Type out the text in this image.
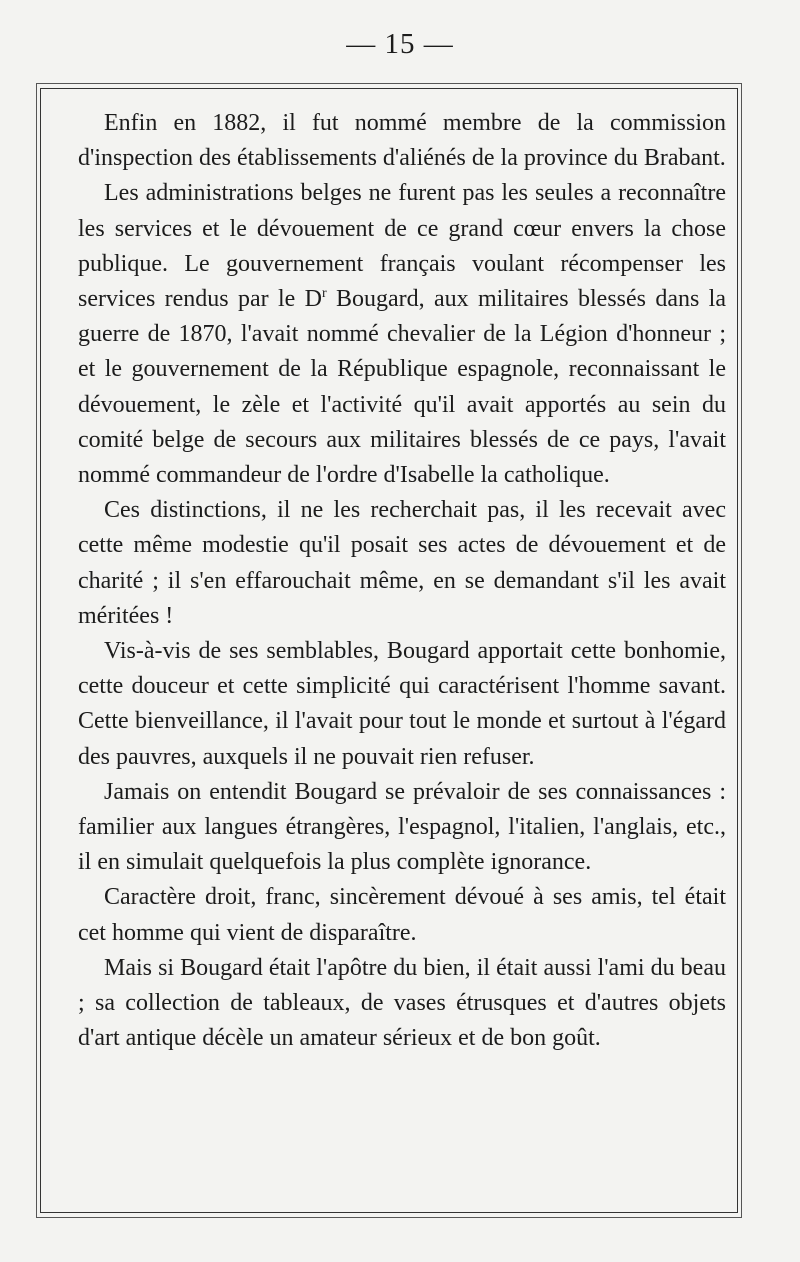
— 15 —

Enfin en 1882, il fut nommé membre de la commission d'inspection des établissements d'aliénés de la province du Brabant.

Les administrations belges ne furent pas les seules a reconnaître les services et le dévouement de ce grand cœur envers la chose publique. Le gouvernement français voulant récompenser les services rendus par le $D^r$ Bougard, aux militaires blessés dans la guerre de 1870, l'avait nommé chevalier de la Légion d'honneur ; et le gouvernement de la République espagnole, reconnaissant le dévouement, le zèle et l'activité qu'il avait apportés au sein du comité belge de secours aux militaires blessés de ce pays, l'avait nommé commandeur de l'ordre d'Isabelle la catholique.

Ces distinctions, il ne les recherchait pas, il les recevait avec cette même modestie qu'il posait ses actes de dévouement et de charité ; il s'en effarouchait même, en se demandant s'il les avait méritées !

Vis-à-vis de ses semblables, Bougard apportait cette bonhomie, cette douceur et cette simplicité qui caractérisent l'homme savant. Cette bienveillance, il l'avait pour tout le monde et surtout à l'égard des pauvres, auxquels il ne pouvait rien refuser.

Jamais on entendit Bougard se prévaloir de ses connaissances : familier aux langues étrangères, l'espagnol, l'italien, l'anglais, etc., il en simulait quelquefois la plus complète ignorance.

Caractère droit, franc, sincèrement dévoué à ses amis, tel était cet homme qui vient de disparaître.

Mais si Bougard était l'apôtre du bien, il était aussi l'ami du beau ; sa collection de tableaux, de vases étrusques et d'autres objets d'art antique décèle un amateur sérieux et de bon goût.
